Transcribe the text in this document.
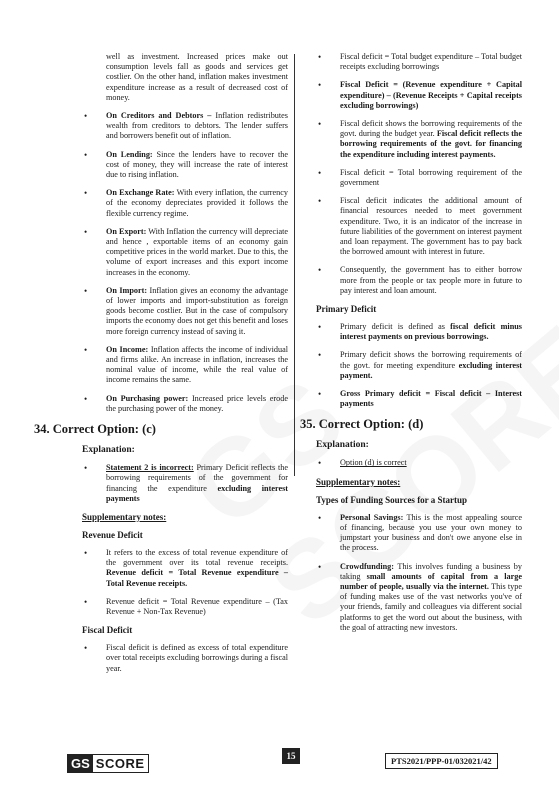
well as investment. Increased prices make out consumption levels fall as goods and services get costlier. On the other hand, inflation makes investment expenditure increase as a result of decreased cost of money.
• On Creditors and Debtors – Inflation redistributes wealth from creditors to debtors. The lender suffers and borrowers benefit out of inflation.
• On Lending: Since the lenders have to recover the cost of money, they will increase the rate of interest due to rising inflation.
• On Exchange Rate: With every inflation, the currency of the economy depreciates provided it follows the flexible currency regime.
• On Export: With Inflation the currency will depreciate and hence , exportable items of an economy gain competitive prices in the world market. Due to this, the volume of export increases and this export income increases in the economy.
• On Import: Inflation gives an economy the advantage of lower imports and import-substitution as foreign goods become costlier. But in the case of compulsory imports the economy does not get this benefit and loses more foreign currency instead of saving it.
• On Income: Inflation affects the income of individual and firms alike. An increase in inflation, increases the nominal value of income, while the real value of income remains the same.
• On Purchasing power: Increased price levels erode the purchasing power of the money.
34. Correct Option: (c)
Explanation:
• Statement 2 is incorrect: Primary Deficit reflects the borrowing requirements of the government for financing the expenditure excluding interest payments
Supplementary notes:
Revenue Deficit
• It refers to the excess of total revenue expenditure of the government over its total revenue receipts. Revenue deficit = Total Revenue expenditure – Total Revenue receipts.
• Revenue deficit = Total Revenue expenditure – (Tax Revenue + Non-Tax Revenue)
Fiscal Deficit
• Fiscal deficit is defined as excess of total expenditure over total receipts excluding borrowings during a fiscal year.
• Fiscal deficit = Total budget expenditure – Total budget receipts excluding borrowings
• Fiscal Deficit = (Revenue expenditure + Capital expenditure) – (Revenue Receipts + Capital receipts excluding borrowings)
• Fiscal deficit shows the borrowing requirements of the govt. during the budget year. Fiscal deficit reflects the borrowing requirements of the govt. for financing the expenditure including interest payments.
• Fiscal deficit = Total borrowing requirement of the government
• Fiscal deficit indicates the additional amount of financial resources needed to meet government expenditure. Two, it is an indicator of the increase in future liabilities of the government on interest payment and loan repayment. The government has to pay back the borrowed amount with interest in future.
• Consequently, the government has to either borrow more from the people or tax people more in future to pay interest and loan amount.
Primary Deficit
• Primary deficit is defined as fiscal deficit minus interest payments on previous borrowings.
• Primary deficit shows the borrowing requirements of the govt. for meeting expenditure excluding interest payment.
• Gross Primary deficit = Fiscal deficit – Interest payments
35. Correct Option: (d)
Explanation:
• Option (d) is correct
Supplementary notes:
Types of Funding Sources for a Startup
• Personal Savings: This is the most appealing source of financing, because you use your own money to jumpstart your business and don't owe anyone else in the process.
• Crowdfunding: This involves funding a business by taking small amounts of capital from a large number of people, usually via the internet. This type of funding makes use of the vast networks you've of your friends, family and colleagues via different social platforms to get the word out about the business, with the goal of attracting new investors.
GS SCORE	15	PTS2021/PPP-01/032021/42
